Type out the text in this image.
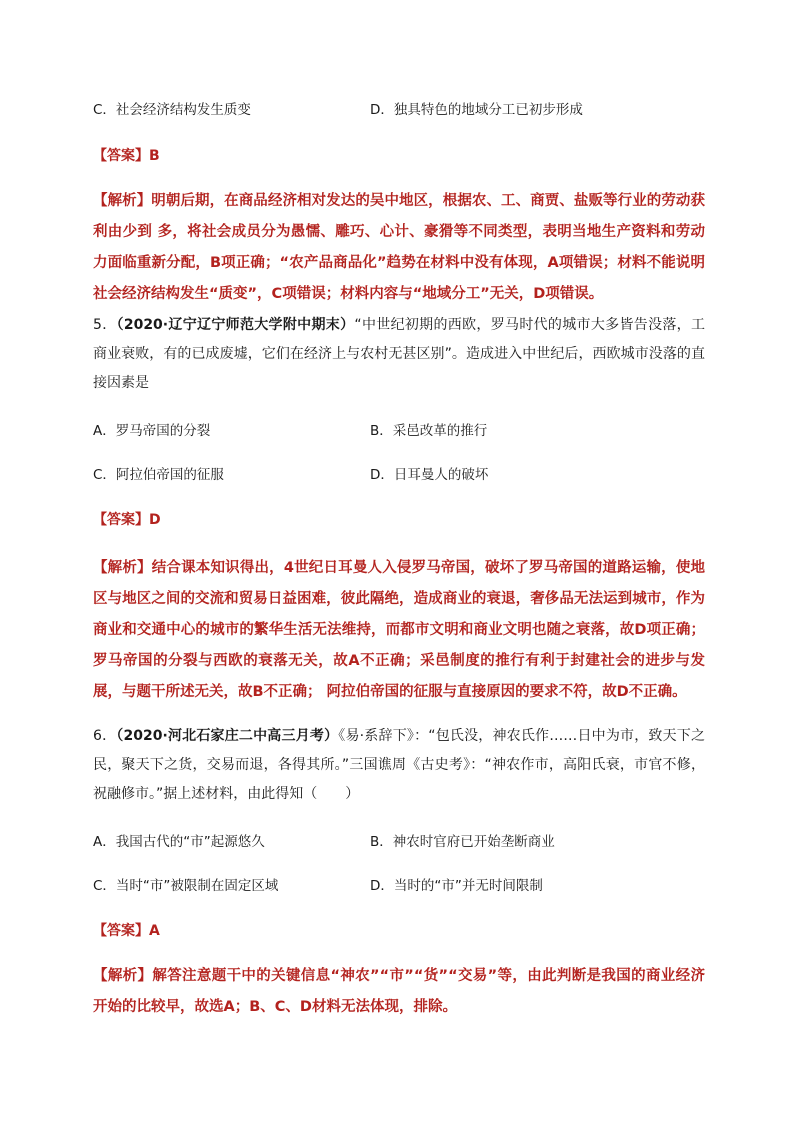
C．社会经济结构发生质变	D．独具特色的地域分工已初步形成
【答案】B
【解析】明朝后期，在商品经济相对发达的吴中地区，根据农、工、商贾、盐贩等行业的劳动获利由少到 多，将社会成员分为愚懦、雕巧、心计、豪猾等不同类型，表明当地生产资料和劳动力面临重新分配，B项正确；“农产品商品化”趋势在材料中没有体现，A项错误；材料不能说明社会经济结构发生“质变”，C项错误；材料内容与“地域分工”无关，D项错误。
5．（2020·辽宁辽宁师范大学附中期末）“中世纪初期的西欧，罗马时代的城市大多皆告没落，工商业衰败，有的已成废墟，它们在经济上与农村无甚区别”。造成进入中世纪后，西欧城市没落的直接因素是
A．罗马帝国的分裂	B．采邑改革的推行
C．阿拉伯帝国的征服	D．日耳曼人的破坏
【答案】D
【解析】结合课本知识得出，4世纪日耳曼人入侵罗马帝国，破坏了罗马帝国的道路运输，使地区与地区之间的交流和贸易日益困难，彼此隔绝，造成商业的衰退，奢侈品无法运到城市，作为商业和交通中心的城市的繁华生活无法维持，而都市文明和商业文明也随之衰落，故D项正确；罗马帝国的分裂与西欧的衰落无关，故A不正确；采邑制度的推行有利于封建社会的进步与发展，与题干所述无关，故B不正确； 阿拉伯帝国的征服与直接原因的要求不符，故D不正确。
6．（2020·河北石家庄二中高三月考）《易·系辞下》：“包氏没，神农氏作……日中为市，致天下之民，聚天下之货，交易而退，各得其所。”三国谯周《古史考》：“神农作市，高阳氏衰，市官不修，祝融修市。”据上述材料，由此得知（　　）
A．我国古代的“市”起源悠久	B．神农时官府已开始垄断商业
C．当时“市”被限制在固定区域	D．当时的“市”并无时间限制
【答案】A
【解析】解答注意题干中的关键信息“神农”“市”“货”“交易”等，由此判断是我国的商业经济开始的比较早，故选A；B、C、D材料无法体现，排除。
